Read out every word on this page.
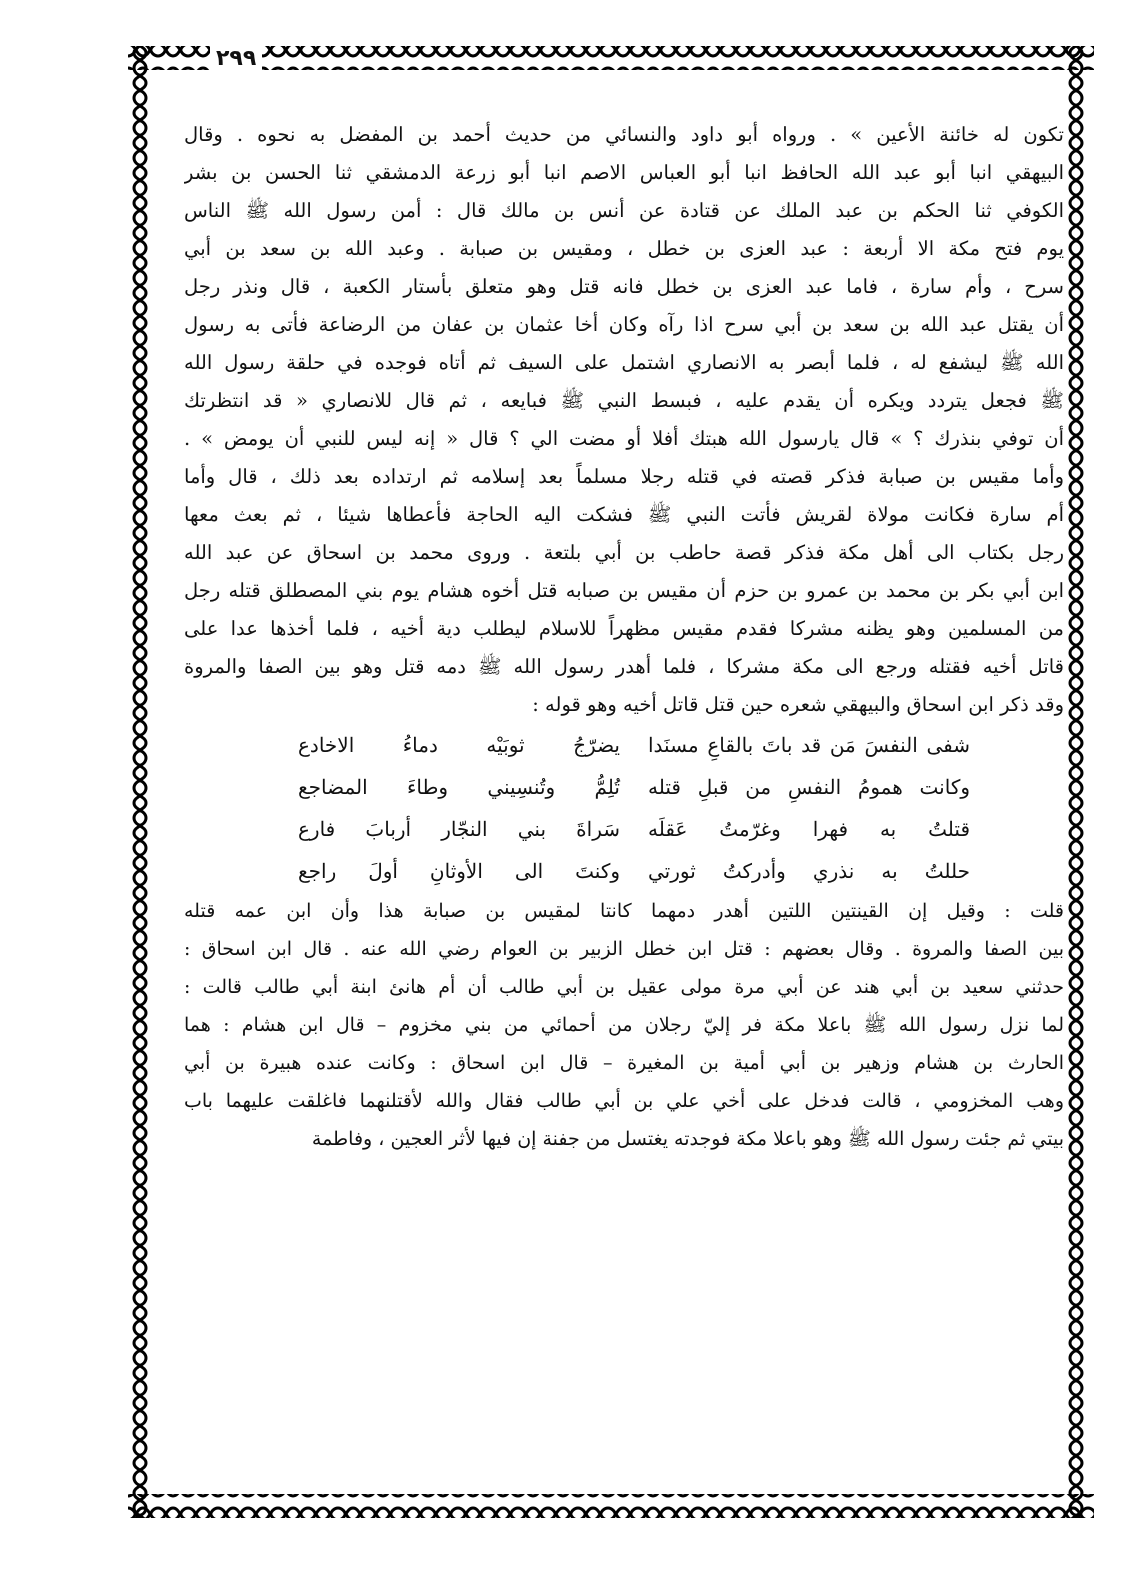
٢٩٩
تكون له خائنة الأعين » . ورواه أبو داود والنسائي من حديث أحمد بن المفضل به نحوه . وقال
البيهقي انبا أبو عبد الله الحافظ انبا أبو العباس الاصم انبا أبو زرعة الدمشقي ثنا الحسن بن بشر
الكوفي ثنا الحكم بن عبد الملك عن قتادة عن أنس بن مالك قال : أمن رسول الله ﷺ الناس
يوم فتح مكة الا أربعة : عبد العزى بن خطل ، ومقيس بن صبابة . وعبد الله بن سعد بن أبي
سرح ، وأم سارة ، فاما عبد العزى بن خطل فانه قتل وهو متعلق بأستار الكعبة ، قال ونذر رجل
أن يقتل عبد الله بن سعد بن أبي سرح اذا رآه وكان أخا عثمان بن عفان من الرضاعة فأتى به رسول
الله ﷺ ليشفع له ، فلما أبصر به الانصاري اشتمل على السيف ثم أتاه فوجده في حلقة رسول الله
ﷺ فجعل يتردد ويكره أن يقدم عليه ، فبسط النبي ﷺ فبايعه ، ثم قال للانصاري « قد انتظرتك
أن توفي بنذرك ؟ » قال يارسول الله هبتك أفلا أو مضت الي ؟ قال « إنه ليس للنبي أن يومض » .
وأما مقيس بن صبابة فذكر قصته في قتله رجلا مسلماً بعد إسلامه ثم ارتداده بعد ذلك ، قال وأما
أم سارة فكانت مولاة لقريش فأتت النبي ﷺ فشكت اليه الحاجة فأعطاها شيئا ، ثم بعث معها
رجل بكتاب الى أهل مكة فذكر قصة حاطب بن أبي بلتعة . وروى محمد بن اسحاق عن عبد الله
ابن أبي بكر بن محمد بن عمرو بن حزم أن مقيس بن صبابه قتل أخوه هشام يوم بني المصطلق قتله رجل
من المسلمين وهو يظنه مشركا فقدم مقيس مظهراً للاسلام ليطلب دية أخيه ، فلما أخذها عدا على
قاتل أخيه فقتله ورجع الى مكة مشركا ، فلما أهدر رسول الله ﷺ دمه قتل وهو بين الصفا والمروة
وقد ذكر ابن اسحاق والبيهقي شعره حين قتل قاتل أخيه وهو قوله :
شفى النفسَ مَن قد باتَ بالقاعِ مسنَدا
يضرّجُ ثوبَيْه دماءُ الاخادع
وكانت همومُ النفسِ من قبلِ قتله
تُلِمُّ وتُنسِيني وطاءَ المضاجع
قتلتُ به فهرا وغرّمتُ عَقلَه
سَراةَ بني النجّار أربابَ فارع
حللتُ به نذري وأدركتُ ثورتي
وكنتَ الى الأوثانِ أولَ راجع
قلت : وقيل إن القينتين اللتين أهدر دمهما كانتا لمقيس بن صبابة هذا وأن ابن عمه قتله
بين الصفا والمروة . وقال بعضهم : قتل ابن خطل الزبير بن العوام رضي الله عنه . قال ابن اسحاق :
حدثني سعيد بن أبي هند عن أبي مرة مولى عقيل بن أبي طالب أن أم هانئ ابنة أبي طالب قالت :
لما نزل رسول الله ﷺ باعلا مكة فر إليّ رجلان من أحمائي من بني مخزوم – قال ابن هشام : هما
الحارث بن هشام وزهير بن أبي أمية بن المغيرة – قال ابن اسحاق : وكانت عنده هبيرة بن أبي
وهب المخزومي ، قالت فدخل على أخي علي بن أبي طالب فقال والله لأقتلنهما فاغلقت عليهما باب
بيتي ثم جئت رسول الله ﷺ وهو باعلا مكة فوجدته يغتسل من جفنة إن فيها لأثر العجين ، وفاطمة
